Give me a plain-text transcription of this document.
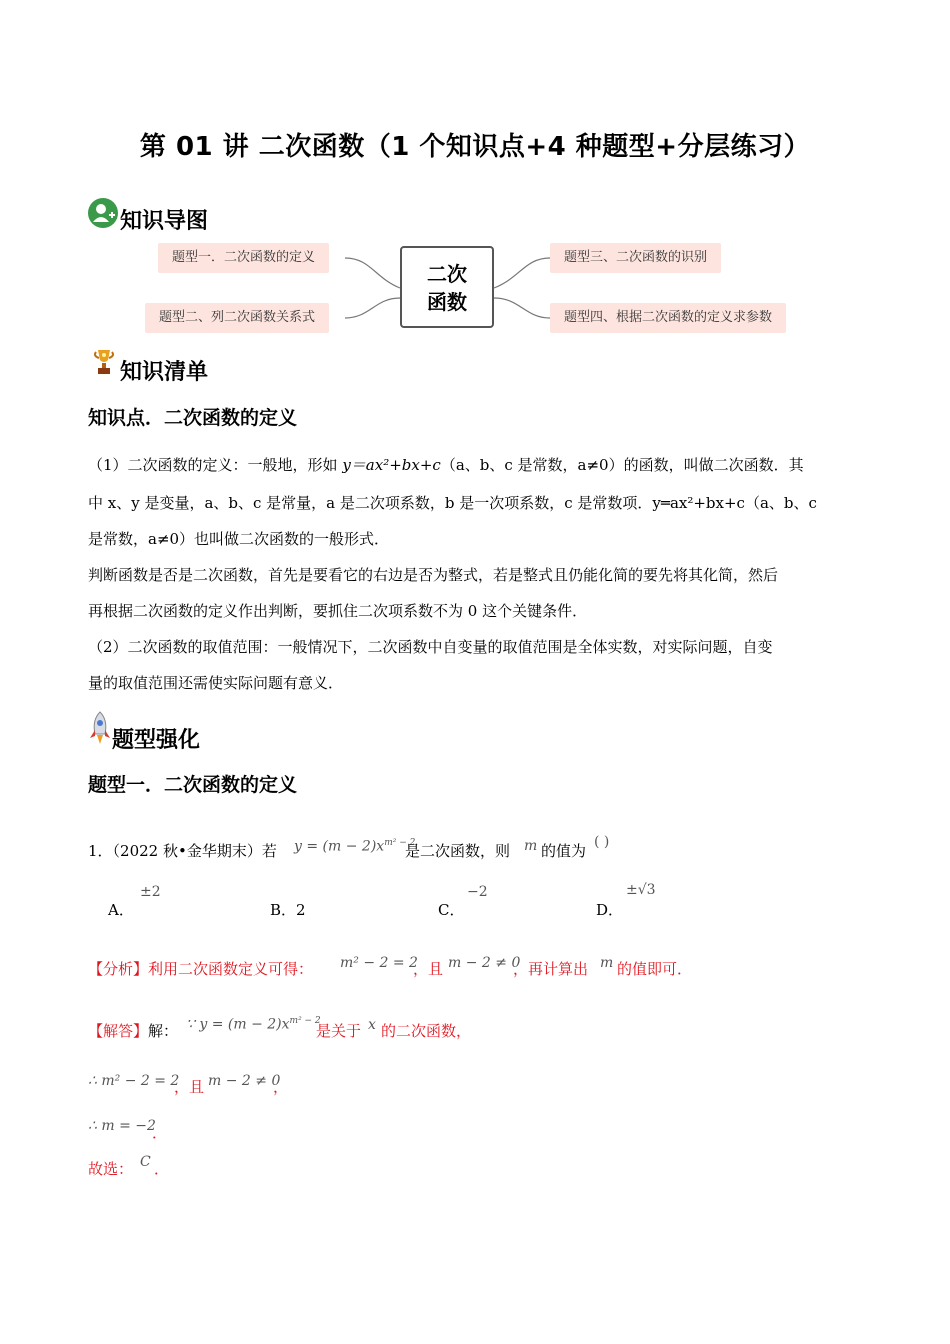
第 01 讲 二次函数（1 个知识点+4 种题型+分层练习）
知识导图
题型一．二次函数的定义
题型二、列二次函数关系式
题型三、二次函数的识别
题型四、根据二次函数的定义求参数
二次
函数
知识清单
知识点．二次函数的定义
（1）二次函数的定义：一般地，形如 y＝ax²+bx+c（a、b、c 是常数，a≠0）的函数，叫做二次函数．其
中 x、y 是变量，a、b、c 是常量，a 是二次项系数，b 是一次项系数，c 是常数项．y═ax²+bx+c（a、b、c
是常数，a≠0）也叫做二次函数的一般形式．
判断函数是否是二次函数，首先是要看它的右边是否为整式，若是整式且仍能化简的要先将其化简，然后
再根据二次函数的定义作出判断，要抓住二次项系数不为 0 这个关键条件．
（2）二次函数的取值范围：一般情况下，二次函数中自变量的取值范围是全体实数，对实际问题，自变
量的取值范围还需使实际问题有意义．
题型强化
题型一．二次函数的定义
1．（2022 秋•金华期末）若 $y = (m - 2)x^{m^2 - 2}$
是二次函数，则 m 的值为 ( )
A．
±2
B．2	C．
−2
D．
±√3
【分析】利用二次函数定义可得： m² − 2 = 2
，且 m − 2 ≠ 0
，再计算出 m 的值即可．
【解答】解： ∵ $y = (m - 2)x^{m^2 - 2}$
是关于 x 的二次函数，
∴ m² − 2 = 2
，且 m − 2 ≠ 0
，
∴ m = −2
．
故选： C ．
